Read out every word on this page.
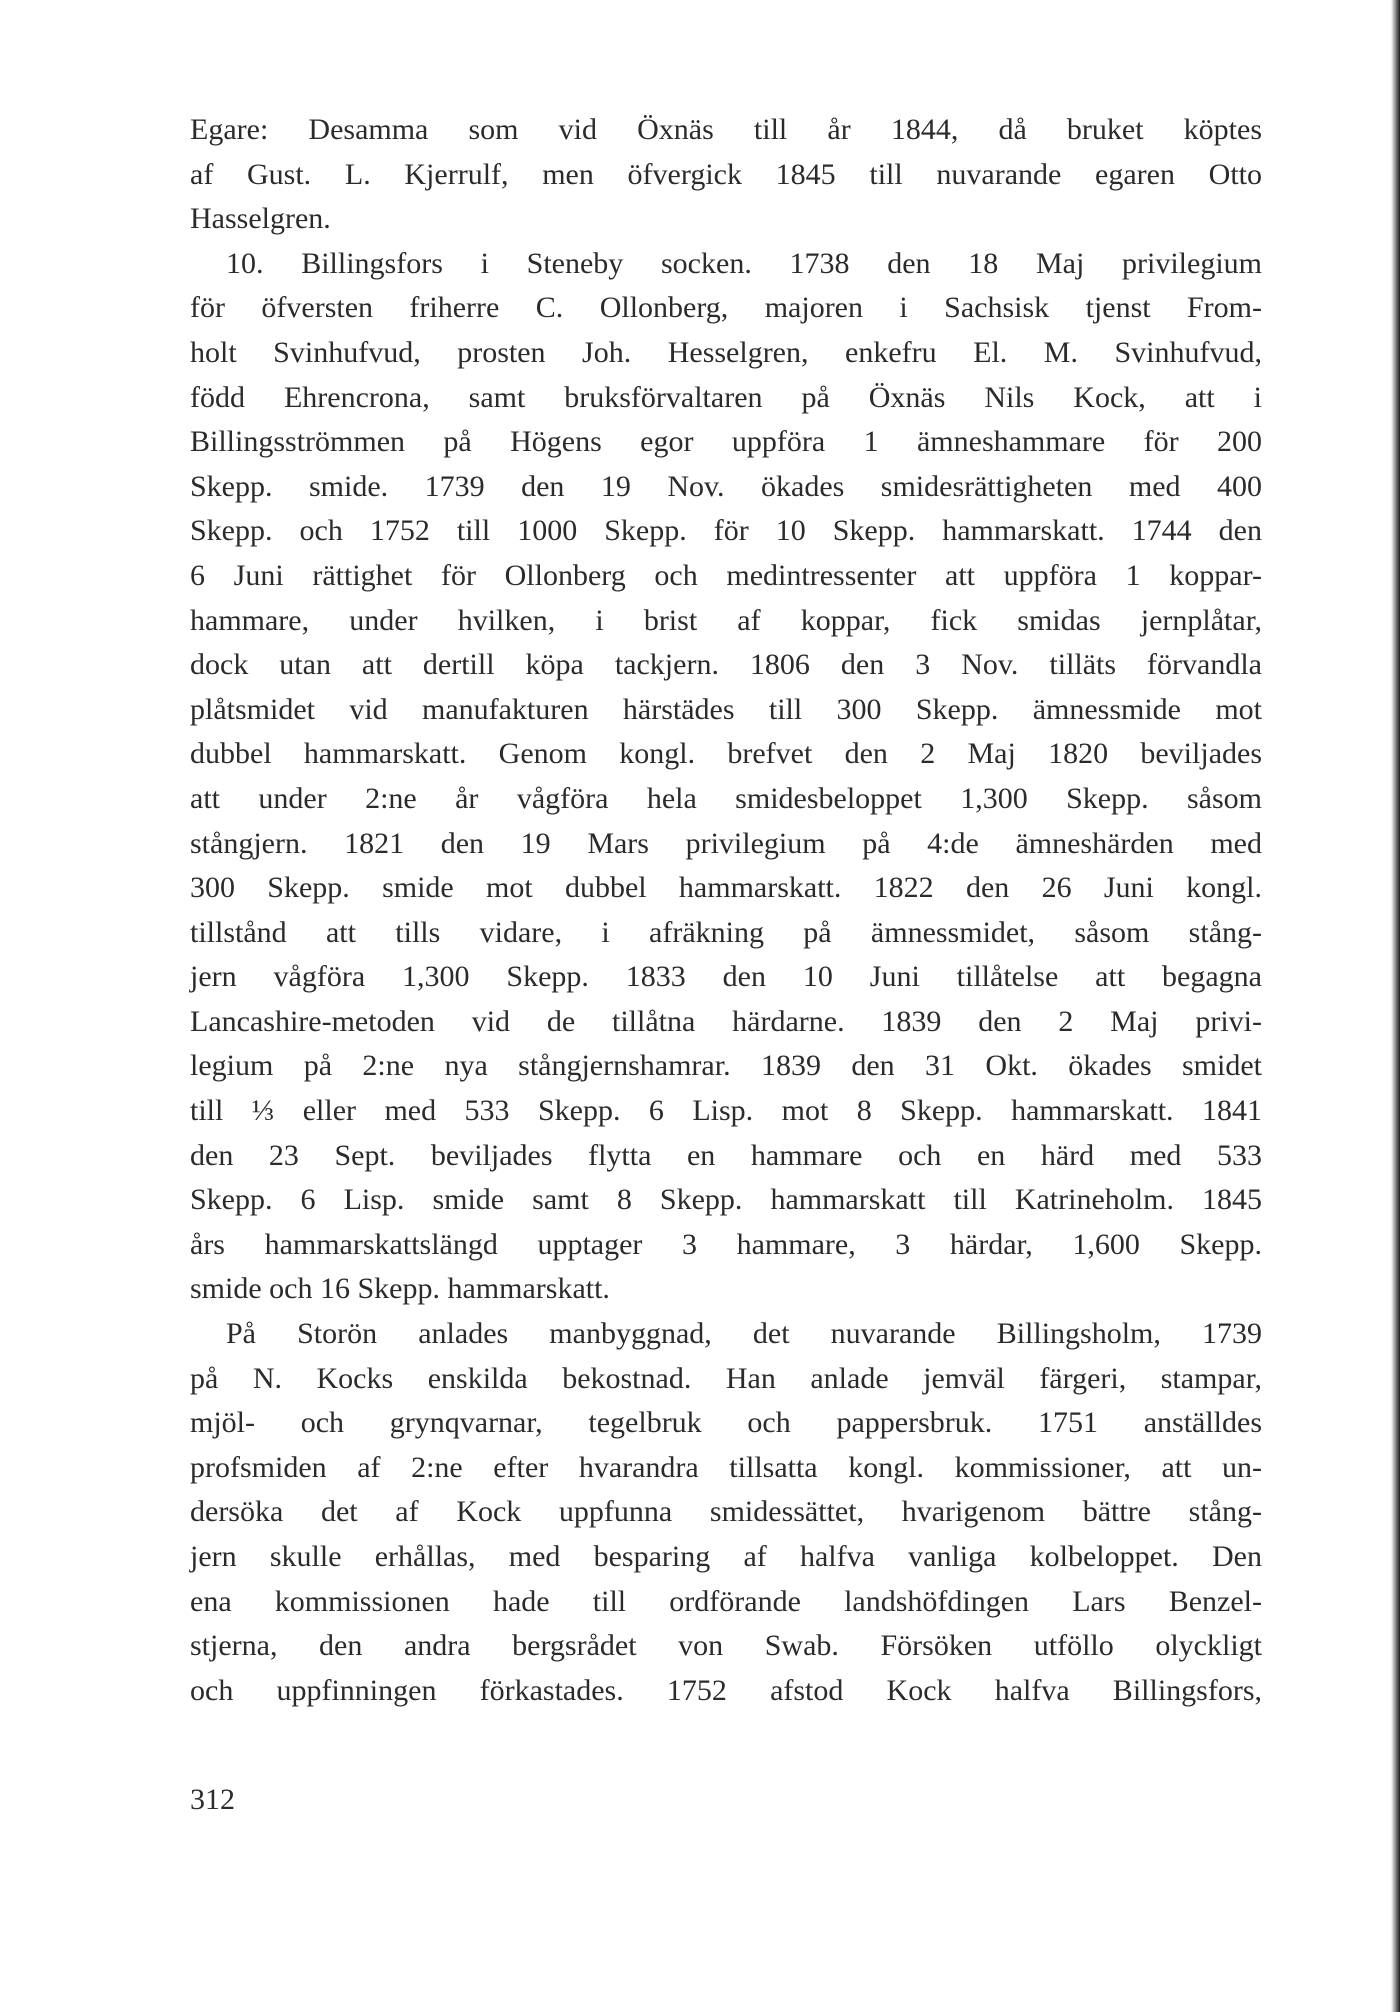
Egare: Desamma som vid Öxnäs till år 1844, då bruket köptes
af Gust. L. Kjerrulf, men öfvergick 1845 till nuvarande egaren Otto
Hasselgren.
10. Billingsfors i Steneby socken. 1738 den 18 Maj privilegium
för öfversten friherre C. Ollonberg, majoren i Sachsisk tjenst From-
holt Svinhufvud, prosten Joh. Hesselgren, enkefru El. M. Svinhufvud,
född Ehrencrona, samt bruksförvaltaren på Öxnäs Nils Kock, att i
Billingsströmmen på Högens egor uppföra 1 ämneshammare för 200
Skepp. smide. 1739 den 19 Nov. ökades smidesrättigheten med 400
Skepp. och 1752 till 1000 Skepp. för 10 Skepp. hammarskatt. 1744 den
6 Juni rättighet för Ollonberg och medintressenter att uppföra 1 koppar-
hammare, under hvilken, i brist af koppar, fick smidas jernplåtar,
dock utan att dertill köpa tackjern. 1806 den 3 Nov. tilläts förvandla
plåtsmidet vid manufakturen härstädes till 300 Skepp. ämnessmide mot
dubbel hammarskatt. Genom kongl. brefvet den 2 Maj 1820 beviljades
att under 2:ne år vågföra hela smidesbeloppet 1,300 Skepp. såsom
stångjern. 1821 den 19 Mars privilegium på 4:de ämneshärden med
300 Skepp. smide mot dubbel hammarskatt. 1822 den 26 Juni kongl.
tillstånd att tills vidare, i afräkning på ämnessmidet, såsom stång-
jern vågföra 1,300 Skepp. 1833 den 10 Juni tillåtelse att begagna
Lancashire-metoden vid de tillåtna härdarne. 1839 den 2 Maj privi-
legium på 2:ne nya stångjernshamrar. 1839 den 31 Okt. ökades smidet
till ⅓ eller med 533 Skepp. 6 Lisp. mot 8 Skepp. hammarskatt. 1841
den 23 Sept. beviljades flytta en hammare och en härd med 533
Skepp. 6 Lisp. smide samt 8 Skepp. hammarskatt till Katrineholm. 1845
års hammarskattslängd upptager 3 hammare, 3 härdar, 1,600 Skepp.
smide och 16 Skepp. hammarskatt.
På Storön anlades manbyggnad, det nuvarande Billingsholm, 1739
på N. Kocks enskilda bekostnad. Han anlade jemväl färgeri, stampar,
mjöl- och grynqvarnar, tegelbruk och pappersbruk. 1751 anställdes
profsmiden af 2:ne efter hvarandra tillsatta kongl. kommissioner, att un-
dersöka det af Kock uppfunna smidessättet, hvarigenom bättre stång-
jern skulle erhållas, med besparing af halfva vanliga kolbeloppet. Den
ena kommissionen hade till ordförande landshöfdingen Lars Benzel-
stjerna, den andra bergsrådet von Swab. Försöken utföllo olyckligt
och uppfinningen förkastades. 1752 afstod Kock halfva Billingsfors,
312
